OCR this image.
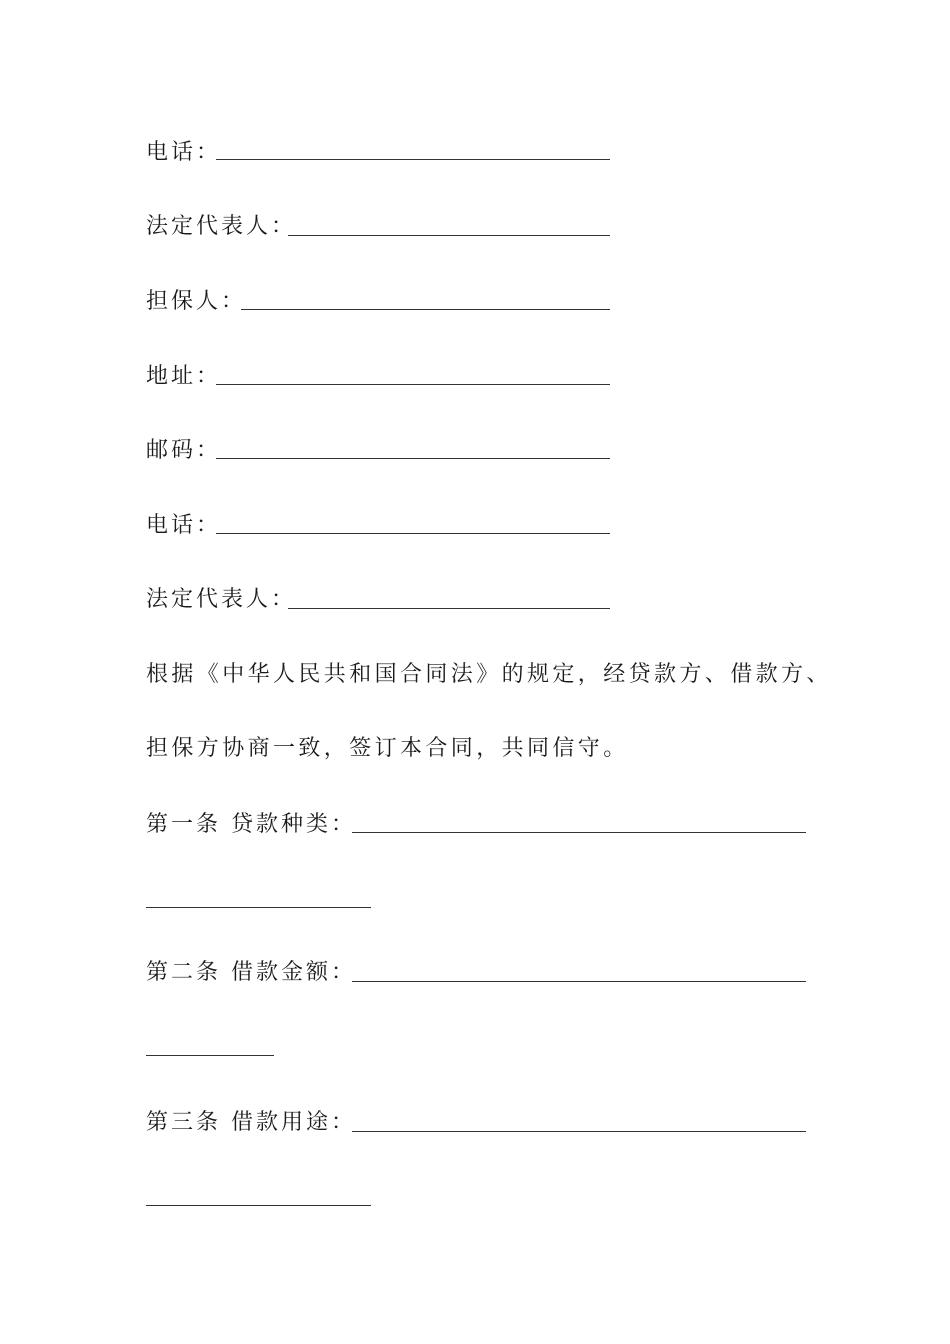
电话：
法定代表人：
担保人：
地址：
邮码：
电话：
法定代表人：
根据《中华人民共和国合同法》的规定，经贷款方、借款方、
担保方协商一致，签订本合同，共同信守。
第一条 贷款种类：
第二条 借款金额：
第三条 借款用途：
